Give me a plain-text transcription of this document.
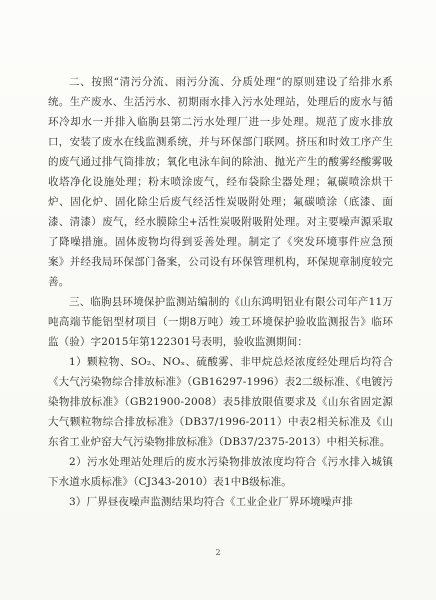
二、按照“清污分流、雨污分流、分质处理”的原则建设了给排水系统。生产废水、生活污水、初期雨水排入污水处理站，处理后的废水与循环冷却水一并排入临朐县第二污水处理厂进一步处理。规范了废水排放口，安装了废水在线监测系统，并与环保部门联网。挤压和时效工序产生的废气通过排气筒排放；氧化电泳车间的除油、抛光产生的酸雾经酸雾吸收塔净化设施处理；粉末喷涂废气，经布袋除尘器处理；氟碳喷涂烘干炉、固化炉、固化除尘后废气经活性炭吸附处理；氟碳喷涂（底漆、面漆、清漆）废气，经水膜除尘+活性炭吸附吸附处理。对主要噪声源采取了降噪措施。固体废物均得到妥善处理。制定了《突发环境事件应急预案》并经我局环保部门备案，公司设有环保管理机构，环保规章制度较完善。

三、临朐县环境保护监测站编制的《山东鸿明铝业有限公司年产11万吨高端节能铝型材项目（一期8万吨）竣工环境保护验收监测报告》临环监（验）字2015年第122301号表明，验收监测期间：

1）颗粒物、SO₂、NOₓ、硫酸雾、非甲烷总烃浓度经处理后均符合《大气污染物综合排放标准》（GB16297-1996）表2二级标准、《电镀污染物排放标准》（GB21900-2008）表5排放限值要求及《山东省固定源大气颗粒物综合排放标准》（DB37/1996-2011）中表2相关标准及《山东省工业炉窑大气污染物排放标准》（DB37/2375-2013）中相关标准。

2）污水处理站处理后的废水污染物排放浓度均符合《污水排入城镇下水道水质标准》（CJ343-2010）表1中B级标准。

3）厂界昼夜噪声监测结果均符合《工业企业厂界环境噪声排

2
